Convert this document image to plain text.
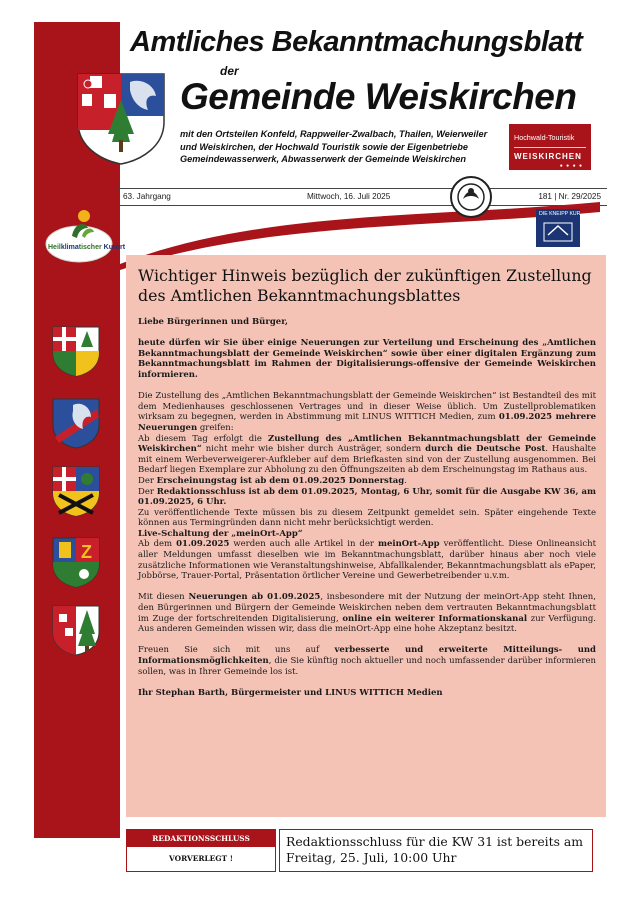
Amtliches Bekanntmachungsblatt
der
Gemeinde Weiskirchen
mit den Ortsteilen Konfeld, Rappweiler-Zwalbach, Thailen, Weierweiler und Weiskirchen, der Hochwald Touristik sowie der Eigenbetriebe Gemeindewasserwerk, Abwasserwerk der Gemeinde Weiskirchen
Hochwald-Touristik
WEISKIRCHEN
● ● ● ●
63. Jahrgang	Mittwoch, 16. Juli 2025	181 | Nr. 29/2025
DIE KNEIPP KUR
Heilklimatischer Kurort
Z
Wichtiger Hinweis bezüglich der zukünftigen Zustellung des Amtlichen Bekanntmachungsblattes

Liebe Bürgerinnen und Bürger,

heute dürfen wir Sie über einige Neuerungen zur Verteilung und Erscheinung des „Amtlichen Bekanntmachungsblatt der Gemeinde Weiskirchen“ sowie über einer digitalen Ergänzung zum Bekanntmachungsblatt im Rahmen der Digitalisierungs-offensive der Gemeinde Weiskirchen informieren.

Die Zustellung des „Amtlichen Bekanntmachungsblatt der Gemeinde Weiskirchen“ ist Bestandteil des mit dem Medienhauses geschlossenen Vertrages und in dieser Weise üblich. Um Zustellproblematiken wirksam zu begegnen, werden in Abstimmung mit LINUS WITTICH Medien, zum 01.09.2025 mehrere Neuerungen greifen:

Ab diesem Tag erfolgt die Zustellung des „Amtlichen Bekanntmachungsblatt der Gemeinde Weiskirchen“ nicht mehr wie bisher durch Austräger, sondern durch die Deutsche Post. Haushalte mit einem Werbeverweigerer-Aufkleber auf dem Briefkasten sind von der Zustellung ausgenommen. Bei Bedarf liegen Exemplare zur Abholung zu den Öffnungszeiten ab dem Erscheinungstag im Rathaus aus.

Der Erscheinungstag ist ab dem 01.09.2025 Donnerstag.

Der Redaktionsschluss ist ab dem 01.09.2025, Montag, 6 Uhr, somit für die Ausgabe KW 36, am 01.09.2025, 6 Uhr.

Zu veröffentlichende Texte müssen bis zu diesem Zeitpunkt gemeldet sein. Später eingehende Texte können aus Termingründen dann nicht mehr berücksichtigt werden.

Live-Schaltung der „meinOrt-App“

Ab dem 01.09.2025 werden auch alle Artikel in der meinOrt-App veröffentlicht. Diese Onlineansicht aller Meldungen umfasst dieselben wie im Bekanntmachungsblatt, darüber hinaus aber noch viele zusätzliche Informationen wie Veranstaltungshinweise, Abfallkalender, Bekanntmachungsblatt als ePaper, Jobbörse, Trauer-Portal, Präsentation örtlicher Vereine und Gewerbetreibender u.v.m.

Mit diesen Neuerungen ab 01.09.2025, insbesondere mit der Nutzung der meinOrt-App steht Ihnen, den Bürgerinnen und Bürgern der Gemeinde Weiskirchen neben dem vertrauten Bekanntmachungsblatt im Zuge der fortschreitenden Digitalisierung, online ein weiterer Informationskanal zur Verfügung. Aus anderen Gemeinden wissen wir, dass die meinOrt-App eine hohe Akzeptanz besitzt.

Freuen Sie sich mit uns auf verbesserte und erweiterte Mitteilungs- und Informationsmöglichkeiten, die Sie künftig noch aktueller und noch umfassender darüber informieren sollen, was in Ihrer Gemeinde los ist.

Ihr Stephan Barth, Bürgermeister und LINUS WITTICH Medien

REDAKTIONSSCHLUSS
VORVERLEGT !
Redaktionsschluss für die KW 31 ist bereits am Freitag, 25. Juli, 10:00 Uhr
